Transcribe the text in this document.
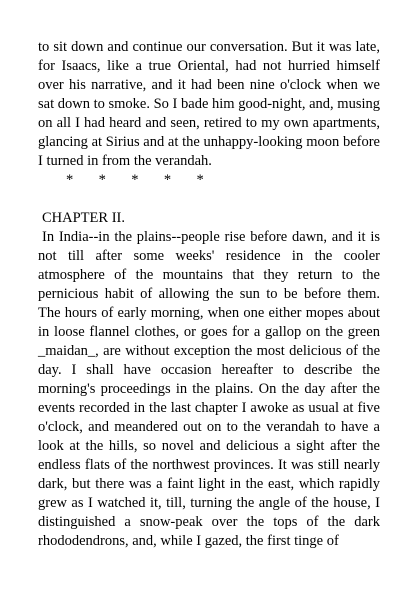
to sit down and continue our conversation. But it was late, for Isaacs, like a true Oriental, had not hurried himself over his narrative, and it had been nine o'clock when we sat down to smoke. So I bade him good-night, and, musing on all I had heard and seen, retired to my own apartments, glancing at Sirius and at the unhappy-looking moon before I turned in from the verandah.

*       *       *       *       *

CHAPTER II.

In India--in the plains--people rise before dawn, and it is not till after some weeks' residence in the cooler atmosphere of the mountains that they return to the pernicious habit of allowing the sun to be before them. The hours of early morning, when one either mopes about in loose flannel clothes, or goes for a gallop on the green _maidan_, are without exception the most delicious of the day. I shall have occasion hereafter to describe the morning's proceedings in the plains. On the day after the events recorded in the last chapter I awoke as usual at five o'clock, and meandered out on to the verandah to have a look at the hills, so novel and delicious a sight after the endless flats of the northwest provinces. It was still nearly dark, but there was a faint light in the east, which rapidly grew as I watched it, till, turning the angle of the house, I distinguished a snow-peak over the tops of the dark rhododendrons, and, while I gazed, the first tinge of
